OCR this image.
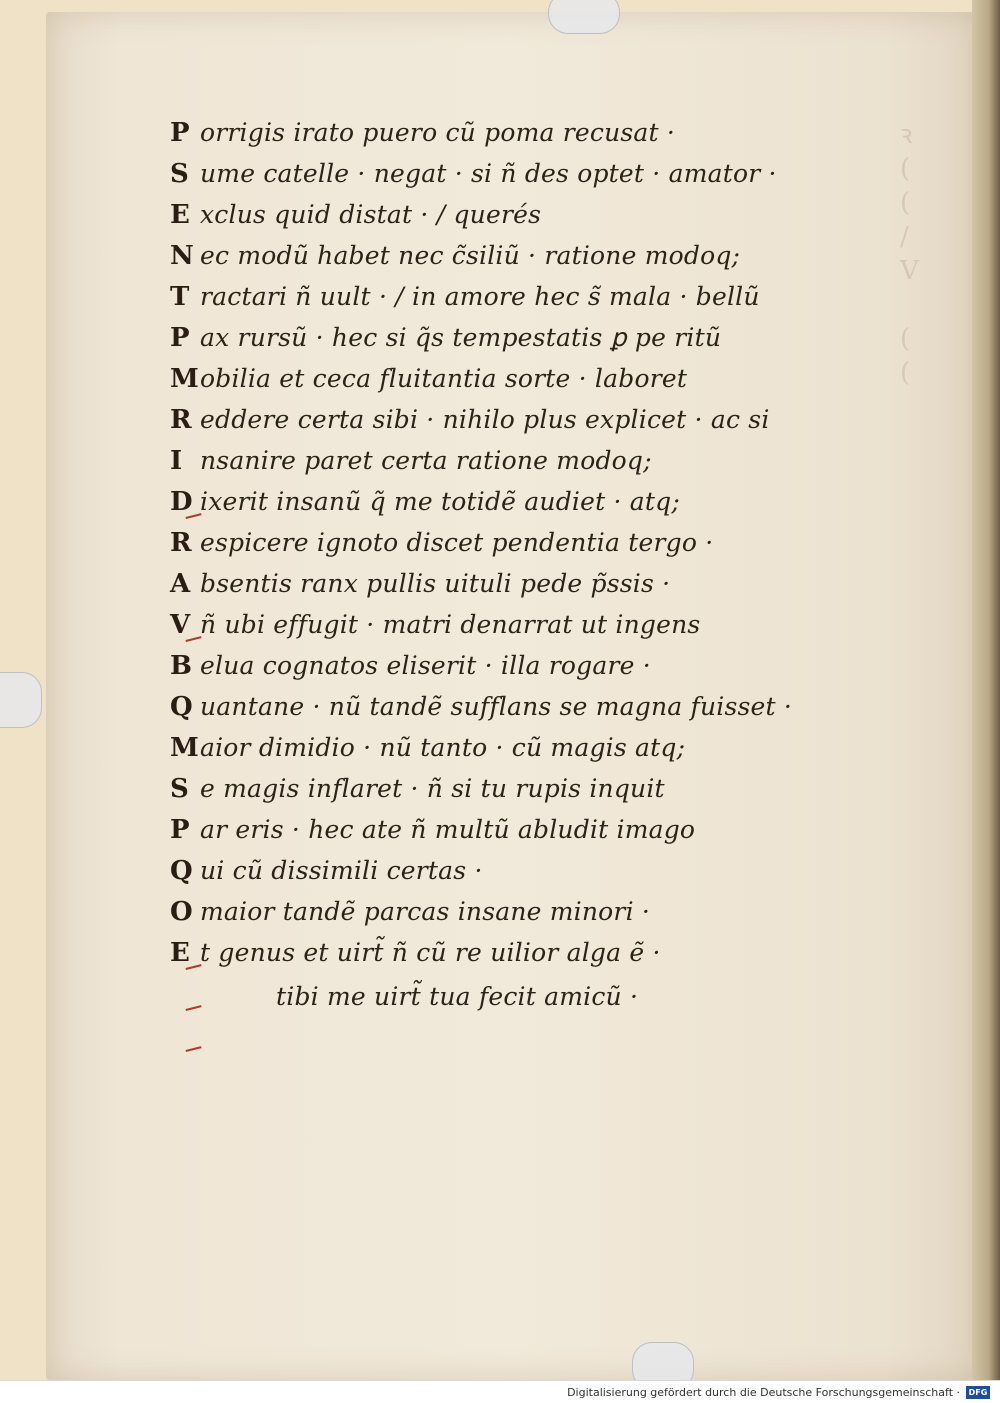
ꝛ
(
(
/
V
(
(
P orrigis irato puero cũ poma recusat ·
S ume catelle · negat · si ñ des optet · amator ·
E xclus quid distat · / querés
N ec modũ habet nec c̃siliũ · ratione modoq;
T ractari ñ uult · / in amore hec s̃ mala · bellũ
P ax rursũ · hec si q̃s tempestatis ꝑ pe ritũ
M obilia et ceca fluitantia sorte · laboret
R eddere certa sibi · nihilo plus explicet · ac si
I nsanire paret certa ratione modoq;
D ixerit insanũ q̃ me totidẽ audiet · atq;
R espicere ignoto discet pendentia tergo ·
A bsentis ranx pullis uituli pede p̃ssis ·
V ñ ubi effugit · matri denarrat ut ingens
B elua cognatos eliserit · illa rogare ·
Q uantane · nũ tandẽ sufflans se magna fuisset ·
M aior dimidio · nũ tanto · cũ magis atq;
S e magis inflaret · ñ si tu rupis inquit
P ar eris · hec ate ñ multũ abludit imago
Q ui cũ dissimili certas ·
O maior tandẽ parcas insane minori ·
E t genus et uirt̃ ñ cũ re uilior alga ẽ ·
tibi me uirt̃ tua fecit amicũ ·
Digitalisierung gefördert durch die Deutsche Forschungsgemeinschaft ·	DFG
